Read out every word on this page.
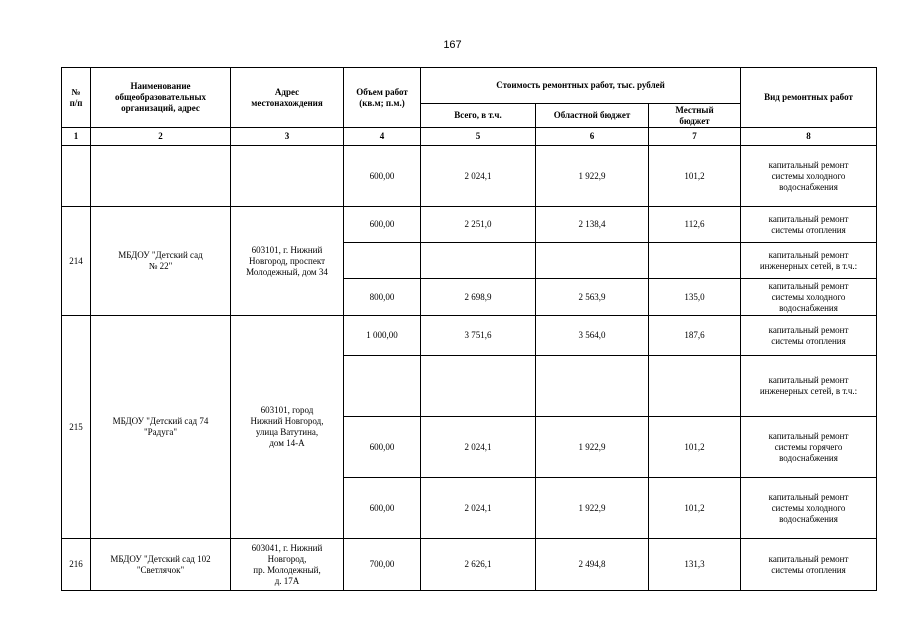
167
№
п/п	Наименование
общеобразовательных
организаций, адрес	Адрес
местонахождения	Объем работ
(кв.м; п.м.)	Стоимость ремонтных работ, тыс. рублей			Вид ремонтных работ
				Всего, в т.ч.	Областной бюджет	Местный
бюджет	
1	2	3	4	5	6	7	8
			600,00	2 024,1	1 922,9	101,2	капитальный ремонт
системы холодного
водоснабжения
214	МБДОУ "Детский сад
№ 22"	603101, г. Нижний
Новгород, проспект
Молодежный, дом 34	600,00	2 251,0	2 138,4	112,6	капитальный ремонт
системы отопления
							капитальный ремонт
инженерных сетей, в т.ч.:
			800,00	2 698,9	2 563,9	135,0	капитальный ремонт
системы холодного
водоснабжения
215	МБДОУ "Детский сад 74
"Радуга"	603101, город
Нижний Новгород,
улица Ватутина,
дом 14-А	1 000,00	3 751,6	3 564,0	187,6	капитальный ремонт
системы отопления
							капитальный ремонт
инженерных сетей, в т.ч.:
			600,00	2 024,1	1 922,9	101,2	капитальный ремонт
системы горячего
водоснабжения
			600,00	2 024,1	1 922,9	101,2	капитальный ремонт
системы холодного
водоснабжения
216	МБДОУ "Детский сад 102
"Светлячок"	603041, г. Нижний
Новгород,
пр. Молодежный,
д. 17А	700,00	2 626,1	2 494,8	131,3	капитальный ремонт
системы отопления
